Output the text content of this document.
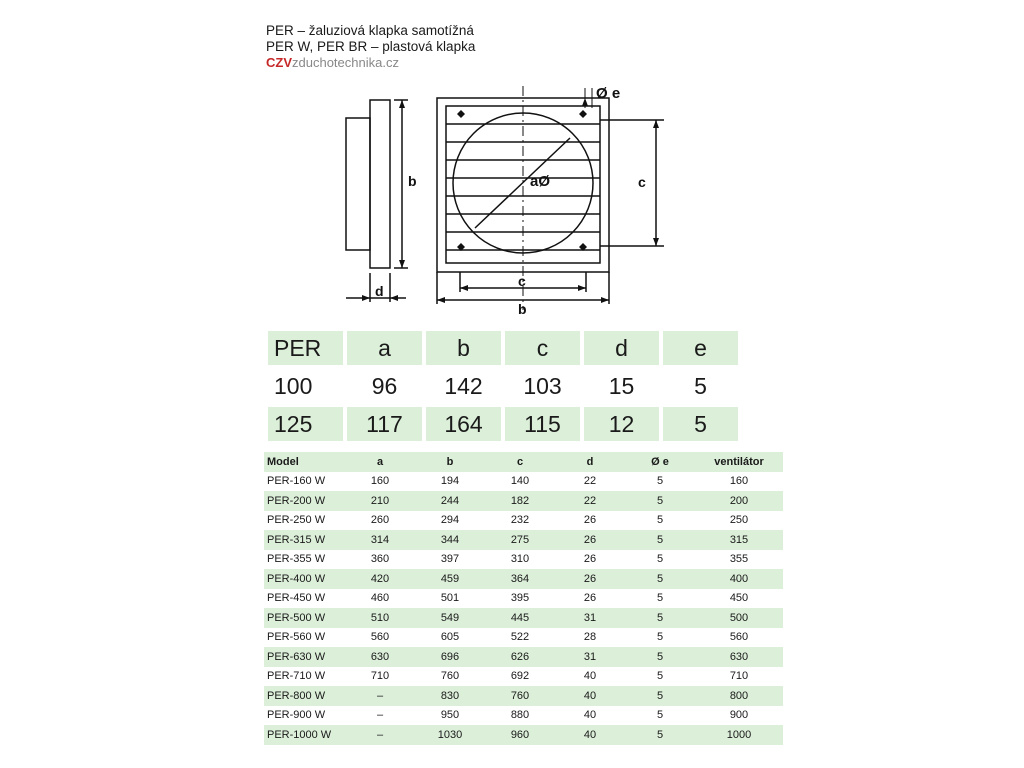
PER – žaluziová klapka samotížná
PER W, PER BR – plastová klapka
CZVzduchotechnika.cz
b
d
Ø e
aØ	c
c
b
PER	a	b	c	d	e
100	96	142	103	15	5
125	117	164	115	12	5
Model	a	b	c	d	Ø e	ventilátor
PER-160 W	160	194	140	22	5	160
PER-200 W	210	244	182	22	5	200
PER-250 W	260	294	232	26	5	250
PER-315 W	314	344	275	26	5	315
PER-355 W	360	397	310	26	5	355
PER-400 W	420	459	364	26	5	400
PER-450 W	460	501	395	26	5	450
PER-500 W	510	549	445	31	5	500
PER-560 W	560	605	522	28	5	560
PER-630 W	630	696	626	31	5	630
PER-710 W	710	760	692	40	5	710
PER-800 W	–	830	760	40	5	800
PER-900 W	–	950	880	40	5	900
PER-1000 W	–	1030	960	40	5	1000
